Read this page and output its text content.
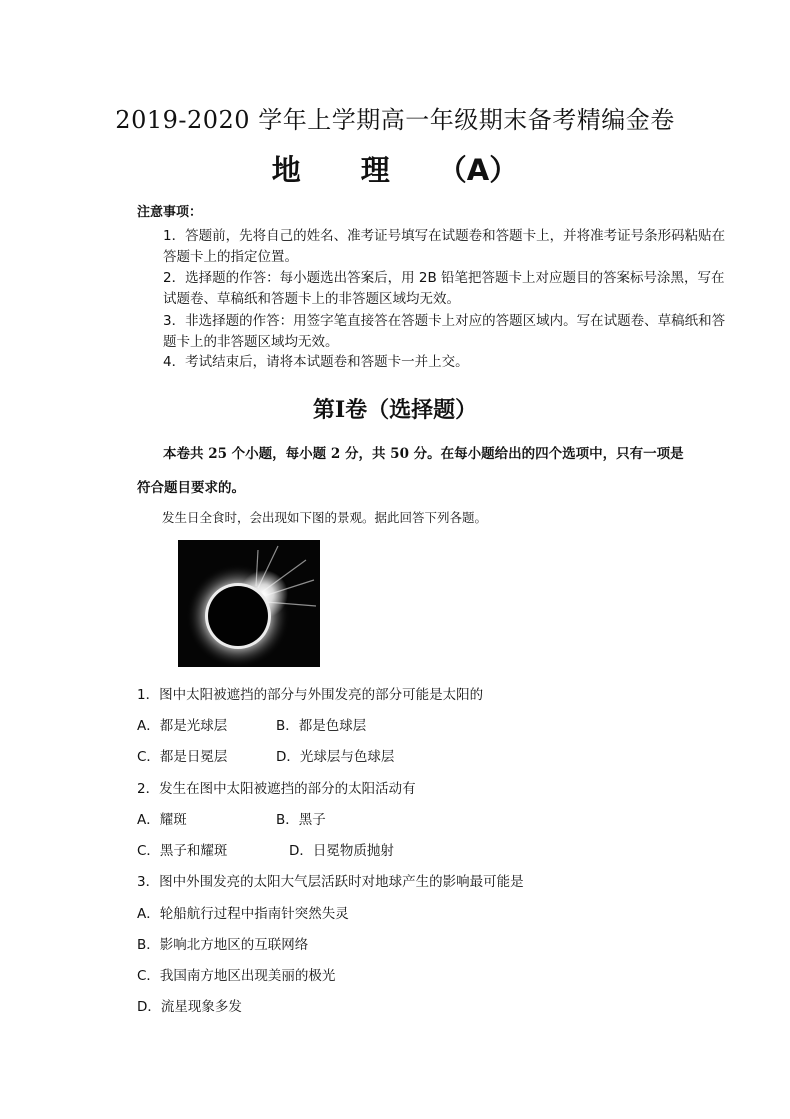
2019-2020 学年上学期高一年级期末备考精编金卷
地 理 （A）
注意事项：
1．答题前，先将自己的姓名、准考证号填写在试题卷和答题卡上，并将准考证号条形码粘贴在答题卡上的指定位置。
2．选择题的作答：每小题选出答案后，用 2B 铅笔把答题卡上对应题目的答案标号涂黑，写在试题卷、草稿纸和答题卡上的非答题区域均无效。
3．非选择题的作答：用签字笔直接答在答题卡上对应的答题区域内。写在试题卷、草稿纸和答题卡上的非答题区域均无效。
4．考试结束后，请将本试题卷和答题卡一并上交。
第Ⅰ卷（选择题）
本卷共 25 个小题，每小题 2 分，共 50 分。在每小题给出的四个选项中，只有一项是
符合题目要求的。
发生日全食时，会出现如下图的景观。据此回答下列各题。
1．图中太阳被遮挡的部分与外围发亮的部分可能是太阳的
A．都是光球层	B．都是色球层
C．都是日冕层	D．光球层与色球层
2．发生在图中太阳被遮挡的部分的太阳活动有
A．耀斑	B．黑子
C．黑子和耀斑	D．日冕物质抛射
3．图中外围发亮的太阳大气层活跃时对地球产生的影响最可能是
A．轮船航行过程中指南针突然失灵
B．影响北方地区的互联网络
C．我国南方地区出现美丽的极光
D．流星现象多发
